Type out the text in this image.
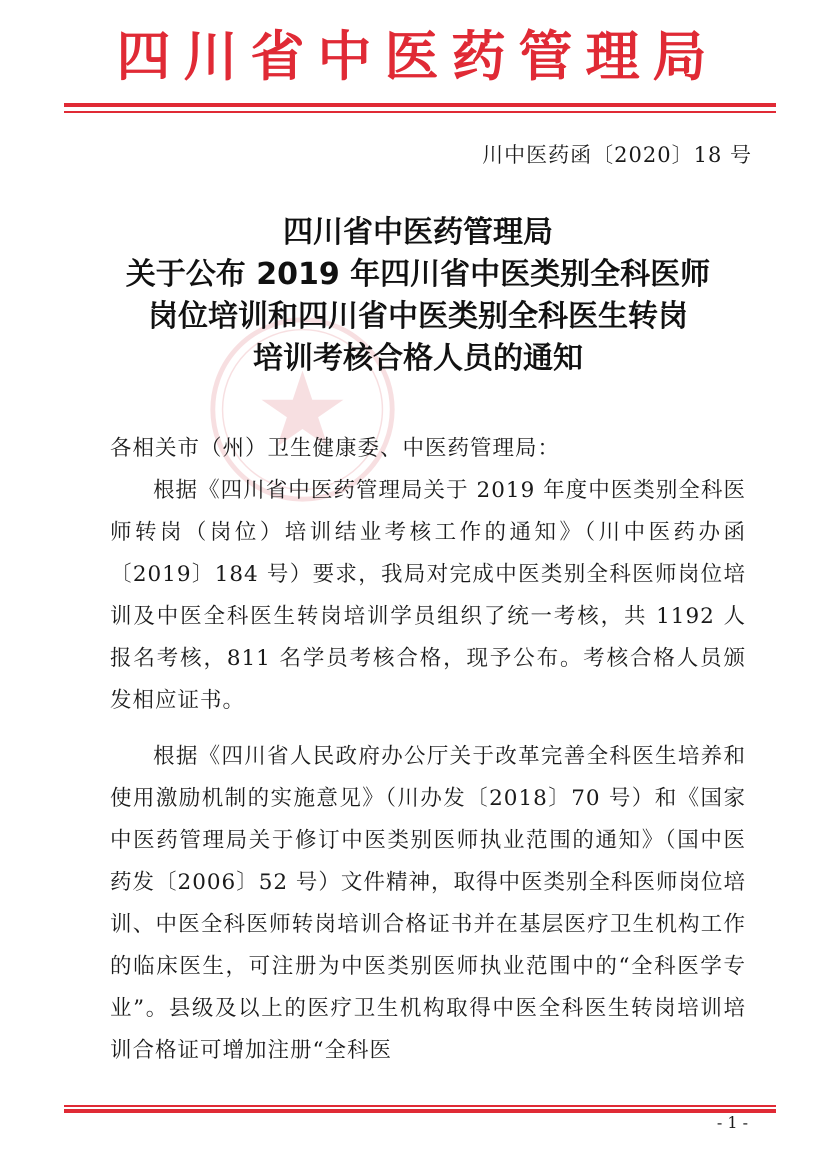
四川省中医药管理局
川中医药函〔2020〕18 号
四川省中医药管理局
关于公布 2019 年四川省中医类别全科医师
岗位培训和四川省中医类别全科医生转岗
培训考核合格人员的通知

各相关市（州）卫生健康委、中医药管理局：

根据《四川省中医药管理局关于 2019 年度中医类别全科医师转岗（岗位）培训结业考核工作的通知》（川中医药办函〔2019〕184 号）要求，我局对完成中医类别全科医师岗位培训及中医全科医生转岗培训学员组织了统一考核，共 1192 人报名考核，811 名学员考核合格，现予公布。考核合格人员颁发相应证书。

根据《四川省人民政府办公厅关于改革完善全科医生培养和使用激励机制的实施意见》（川办发〔2018〕70 号）和《国家中医药管理局关于修订中医类别医师执业范围的通知》（国中医药发〔2006〕52 号）文件精神，取得中医类别全科医师岗位培训、中医全科医师转岗培训合格证书并在基层医疗卫生机构工作的临床医生，可注册为中医类别医师执业范围中的“全科医学专业”。县级及以上的医疗卫生机构取得中医全科医生转岗培训培训合格证可增加注册“全科医

- 1 -
